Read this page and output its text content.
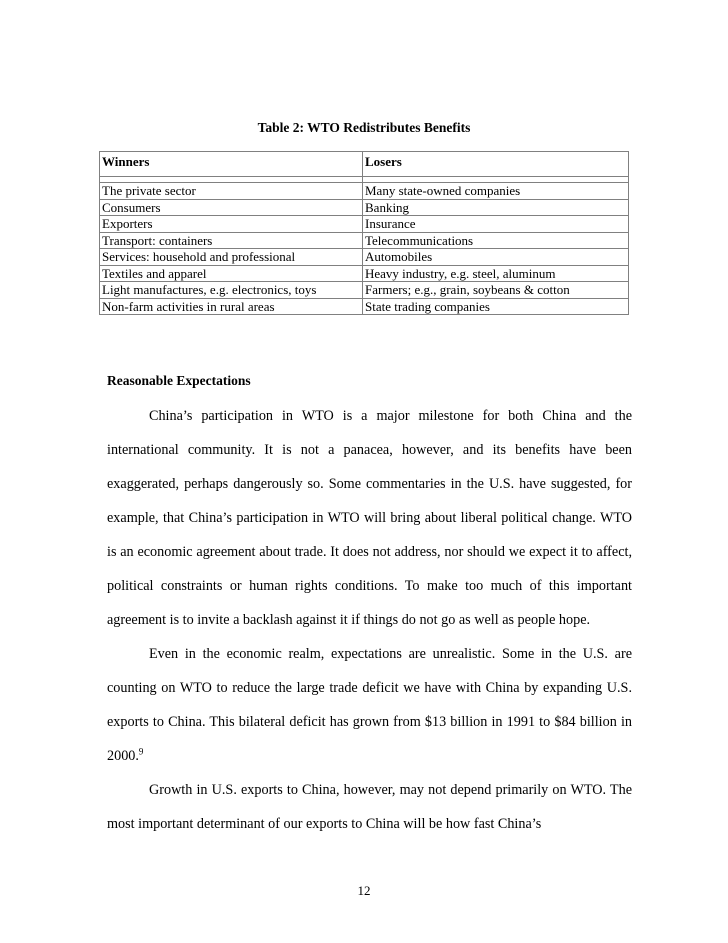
Table 2: WTO Redistributes Benefits
Winners	Losers

The private sector	Many state-owned companies
Consumers	Banking
Exporters	Insurance
Transport: containers	Telecommunications
Services: household and professional	Automobiles
Textiles and apparel	Heavy industry, e.g. steel, aluminum
Light manufactures, e.g. electronics, toys	Farmers; e.g., grain, soybeans & cotton
Non-farm activities in rural areas	State trading companies
Reasonable Expectations

China’s participation in WTO is a major milestone for both China and the international community. It is not a panacea, however, and its benefits have been exaggerated, perhaps dangerously so. Some commentaries in the U.S. have suggested, for example, that China’s participation in WTO will bring about liberal political change. WTO is an economic agreement about trade. It does not address, nor should we expect it to affect, political constraints or human rights conditions. To make too much of this important agreement is to invite a backlash against it if things do not go as well as people hope.

Even in the economic realm, expectations are unrealistic. Some in the U.S. are counting on WTO to reduce the large trade deficit we have with China by expanding U.S. exports to China. This bilateral deficit has grown from $13 billion in 1991 to $84 billion in 2000.$^9$

Growth in U.S. exports to China, however, may not depend primarily on WTO. The most important determinant of our exports to China will be how fast China’s

12
